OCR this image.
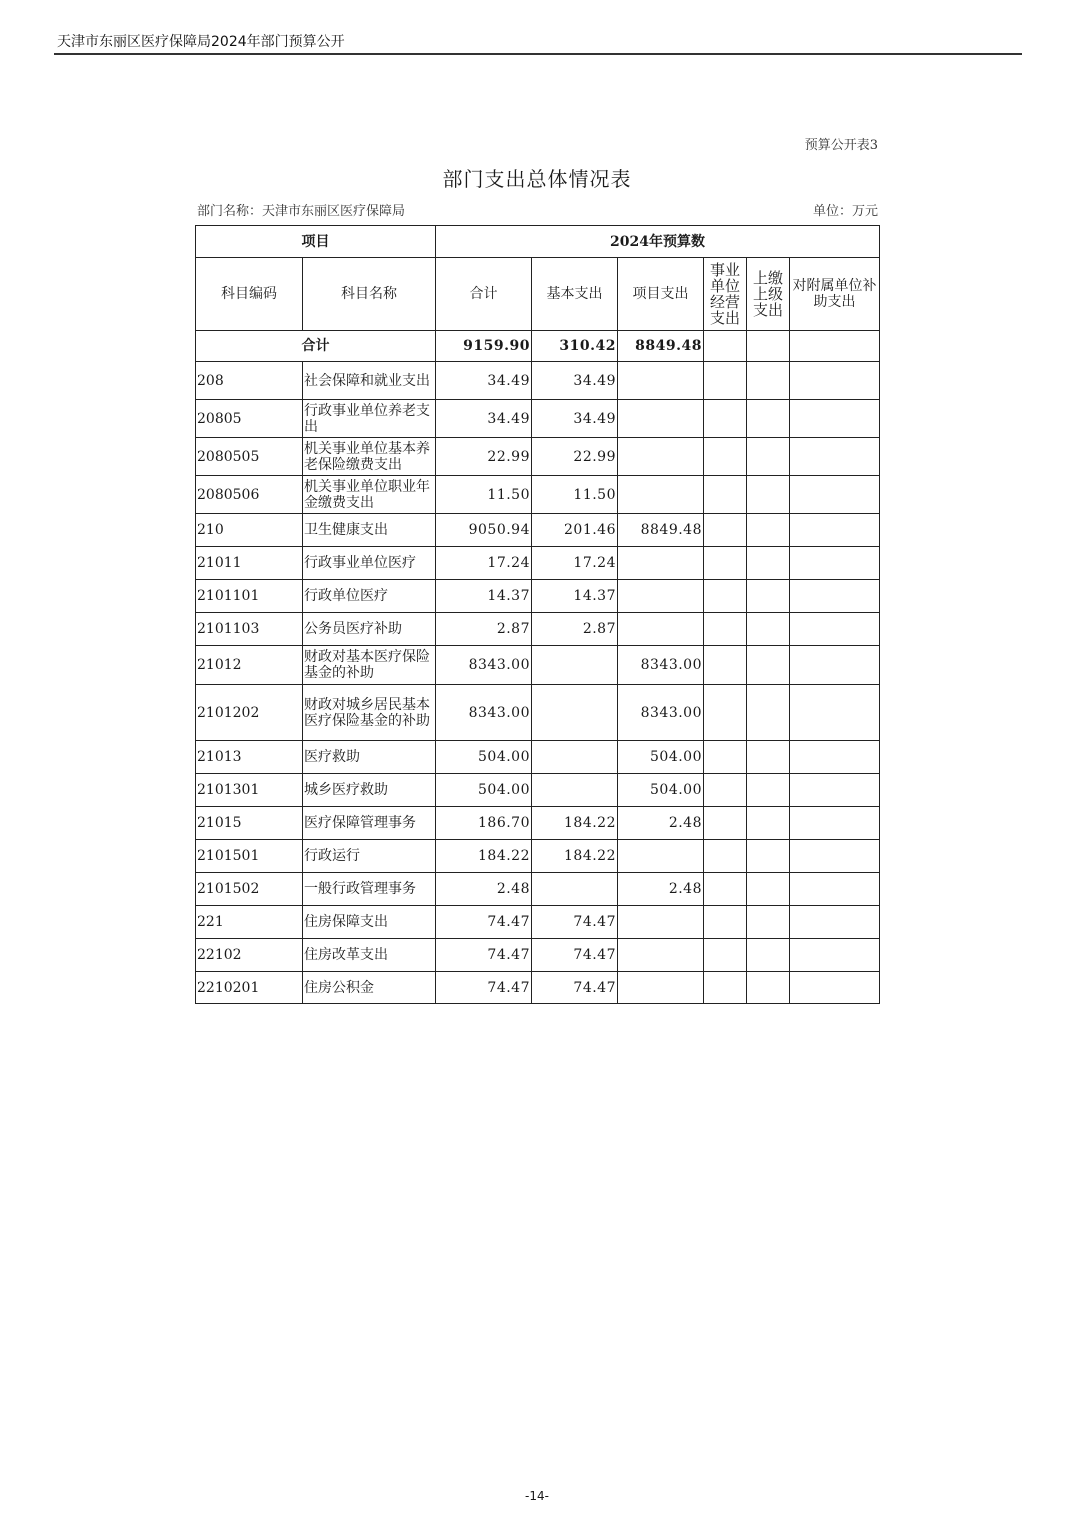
天津市东丽区医疗保障局2024年部门预算公开
预算公开表3
部门支出总体情况表
部门名称：天津市东丽区医疗保障局	单位：万元
项目		2024年预算数					
科目编码	科目名称	合计	基本支出	项目支出	事业单位经营支出	上缴上级支出	对附属单位补助支出
合计		9159.90	310.42	8849.48			
208	社会保障和就业支出	34.49	34.49				
20805	行政事业单位养老支出	34.49	34.49				
2080505	机关事业单位基本养老保险缴费支出	22.99	22.99				
2080506	机关事业单位职业年金缴费支出	11.50	11.50				
210	卫生健康支出	9050.94	201.46	8849.48			
21011	行政事业单位医疗	17.24	17.24				
2101101	行政单位医疗	14.37	14.37				
2101103	公务员医疗补助	2.87	2.87				
21012	财政对基本医疗保险基金的补助	8343.00		8343.00			
2101202	财政对城乡居民基本医疗保险基金的补助	8343.00		8343.00			
21013	医疗救助	504.00		504.00			
2101301	城乡医疗救助	504.00		504.00			
21015	医疗保障管理事务	186.70	184.22	2.48			
2101501	行政运行	184.22	184.22				
2101502	一般行政管理事务	2.48		2.48			
221	住房保障支出	74.47	74.47				
22102	住房改革支出	74.47	74.47				
2210201	住房公积金	74.47	74.47				
-14-
